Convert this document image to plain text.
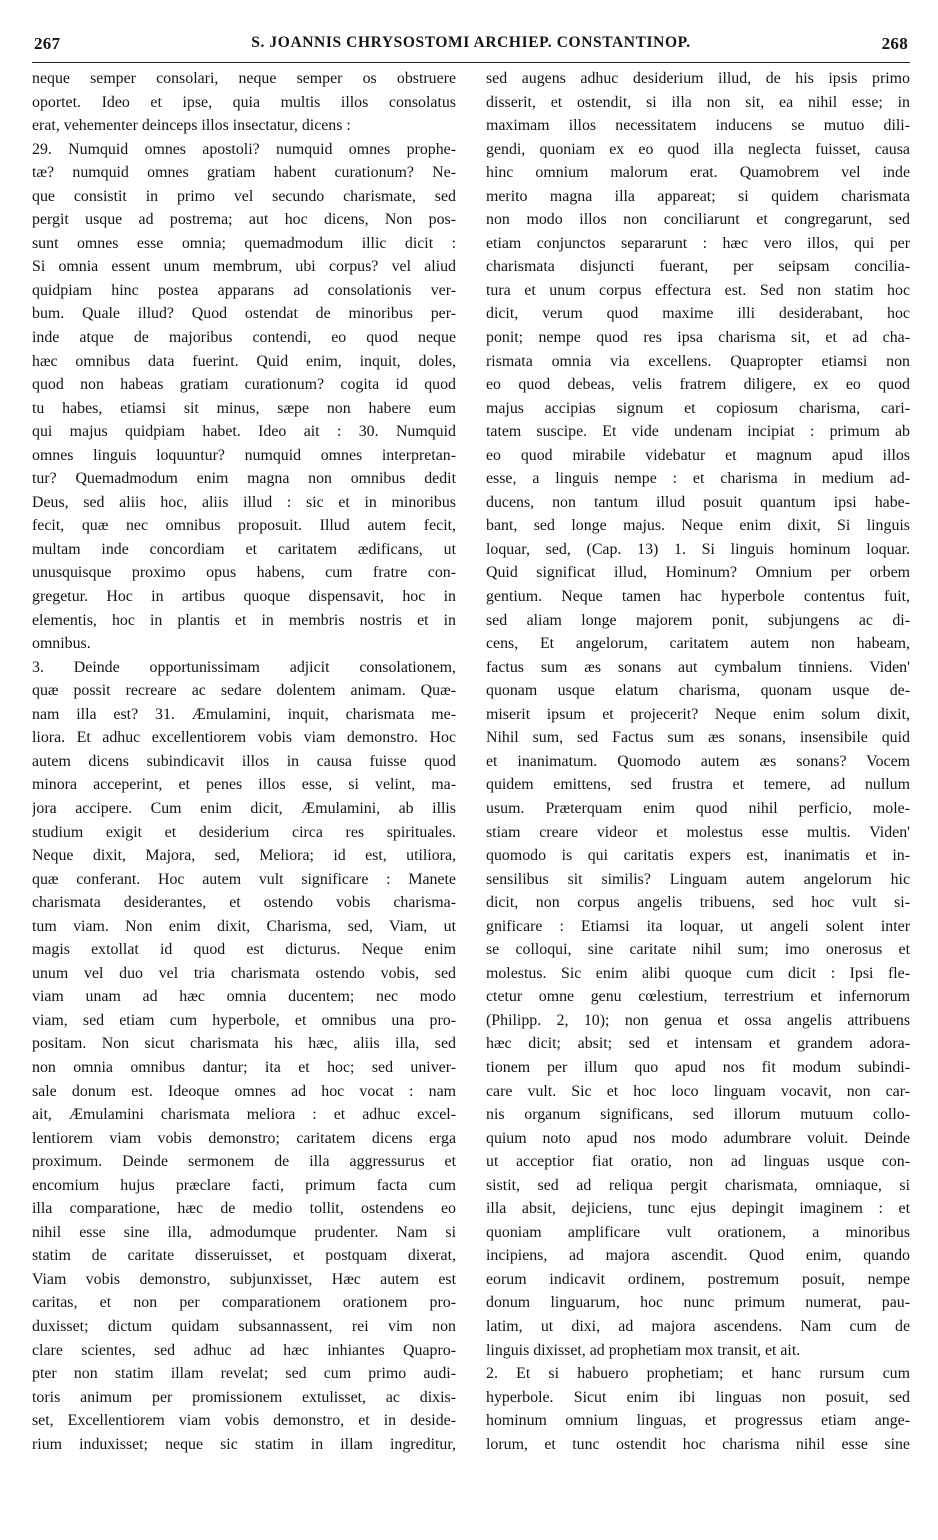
267	S. JOANNIS CHRYSOSTOMI ARCHIEP. CONSTANTINOP.	268
neque semper consolari, neque semper os obstruere
oportet. Ideo et ipse, quia multis illos consolatus
erat, vehementer deinceps illos insectatur, dicens :
29. Numquid omnes apostoli? numquid omnes prophe-
tæ? numquid omnes gratiam habent curationum? Ne-
que consistit in primo vel secundo charismate, sed
pergit usque ad postrema; aut hoc dicens, Non pos-
sunt omnes esse omnia; quemadmodum illic dicit :
Si omnia essent unum membrum, ubi corpus? vel aliud
quidpiam hinc postea apparans ad consolationis ver-
bum. Quale illud? Quod ostendat de minoribus per-
inde atque de majoribus contendi, eo quod neque
hæc omnibus data fuerint. Quid enim, inquit, doles,
quod non habeas gratiam curationum? cogita id quod
tu habes, etiamsi sit minus, sæpe non habere eum
qui majus quidpiam habet. Ideo ait : 30. Numquid
omnes linguis loquuntur? numquid omnes interpretan-
tur? Quemadmodum enim magna non omnibus dedit
Deus, sed aliis hoc, aliis illud : sic et in minoribus
fecit, quæ nec omnibus proposuit. Illud autem fecit,
multam inde concordiam et caritatem ædificans, ut
unusquisque proximo opus habens, cum fratre con-
gregetur. Hoc in artibus quoque dispensavit, hoc in
elementis, hoc in plantis et in membris nostris et in
omnibus.
3. Deinde opportunissimam adjicit consolationem,
quæ possit recreare ac sedare dolentem animam. Quæ-
nam illa est? 31. Æmulamini, inquit, charismata me-
liora. Et adhuc excellentiorem vobis viam demonstro. Hoc
autem dicens subindicavit illos in causa fuisse quod
minora acceperint, et penes illos esse, si velint, ma-
jora accipere. Cum enim dicit, Æmulamini, ab illis
studium exigit et desiderium circa res spirituales.
Neque dixit, Majora, sed, Meliora; id est, utiliora,
quæ conferant. Hoc autem vult significare : Manete
charismata desiderantes, et ostendo vobis charisma-
tum viam. Non enim dixit, Charisma, sed, Viam, ut
magis extollat id quod est dicturus. Neque enim
unum vel duo vel tria charismata ostendo vobis, sed
viam unam ad hæc omnia ducentem; nec modo
viam, sed etiam cum hyperbole, et omnibus una pro-
positam. Non sicut charismata his hæc, aliis illa, sed
non omnia omnibus dantur; ita et hoc; sed univer-
sale donum est. Ideoque omnes ad hoc vocat : nam
ait, Æmulamini charismata meliora : et adhuc excel-
lentiorem viam vobis demonstro; caritatem dicens erga
proximum. Deinde sermonem de illa aggressurus et
encomium hujus præclare facti, primum facta cum
illa comparatione, hæc de medio tollit, ostendens eo
nihil esse sine illa, admodumque prudenter. Nam si
statim de caritate disseruisset, et postquam dixerat,
Viam vobis demonstro, subjunxisset, Hæc autem est
caritas, et non per comparationem orationem pro-
duxisset; dictum quidam subsannassent, rei vim non
clare scientes, sed adhuc ad hæc inhiantes Quapro-
pter non statim illam revelat; sed cum primo audi-
toris animum per promissionem extulisset, ac dixis-
set, Excellentiorem viam vobis demonstro, et in deside-
rium induxisset; neque sic statim in illam ingreditur,
sed augens adhuc desiderium illud, de his ipsis primo
disserit, et ostendit, si illa non sit, ea nihil esse; in
maximam illos necessitatem inducens se mutuo dili-
gendi, quoniam ex eo quod illa neglecta fuisset, causa
hinc omnium malorum erat. Quamobrem vel inde
merito magna illa appareat; si quidem charismata
non modo illos non conciliarunt et congregarunt, sed
etiam conjunctos separarunt : hæc vero illos, qui per
charismata disjuncti fuerant, per seipsam concilia-
tura et unum corpus effectura est. Sed non statim hoc
dicit, verum quod maxime illi desiderabant, hoc
ponit; nempe quod res ipsa charisma sit, et ad cha-
rismata omnia via excellens. Quapropter etiamsi non
eo quod debeas, velis fratrem diligere, ex eo quod
majus accipias signum et copiosum charisma, cari-
tatem suscipe. Et vide undenam incipiat : primum ab
eo quod mirabile videbatur et magnum apud illos
esse, a linguis nempe : et charisma in medium ad-
ducens, non tantum illud posuit quantum ipsi habe-
bant, sed longe majus. Neque enim dixit, Si linguis
loquar, sed, (Cap. 13) 1. Si linguis hominum loquar.
Quid significat illud, Hominum? Omnium per orbem
gentium. Neque tamen hac hyperbole contentus fuit,
sed aliam longe majorem ponit, subjungens ac di-
cens, Et angelorum, caritatem autem non habeam,
factus sum æs sonans aut cymbalum tinniens. Viden'
quonam usque elatum charisma, quonam usque de-
miserit ipsum et projecerit? Neque enim solum dixit,
Nihil sum, sed Factus sum æs sonans, insensibile quid
et inanimatum. Quomodo autem æs sonans? Vocem
quidem emittens, sed frustra et temere, ad nullum
usum. Præterquam enim quod nihil perficio, mole-
stiam creare videor et molestus esse multis. Viden'
quomodo is qui caritatis expers est, inanimatis et in-
sensilibus sit similis? Linguam autem angelorum hic
dicit, non corpus angelis tribuens, sed hoc vult si-
gnificare : Etiamsi ita loquar, ut angeli solent inter
se colloqui, sine caritate nihil sum; imo onerosus et
molestus. Sic enim alibi quoque cum dicit : Ipsi fle-
ctetur omne genu cœlestium, terrestrium et infernorum
(Philipp. 2, 10); non genua et ossa angelis attribuens
hæc dicit; absit; sed et intensam et grandem adora-
tionem per illum quo apud nos fit modum subindi-
care vult. Sic et hoc loco linguam vocavit, non car-
nis organum significans, sed illorum mutuum collo-
quium noto apud nos modo adumbrare voluit. Deinde
ut acceptior fiat oratio, non ad linguas usque con-
sistit, sed ad reliqua pergit charismata, omniaque, si
illa absit, dejiciens, tunc ejus depingit imaginem : et
quoniam amplificare vult orationem, a minoribus
incipiens, ad majora ascendit. Quod enim, quando
eorum indicavit ordinem, postremum posuit, nempe
donum linguarum, hoc nunc primum numerat, pau-
latim, ut dixi, ad majora ascendens. Nam cum de
linguis dixisset, ad prophetiam mox transit, et ait.
2. Et si habuero prophetiam; et hanc rursum cum
hyperbole. Sicut enim ibi linguas non posuit, sed
hominum omnium linguas, et progressus etiam ange-
lorum, et tunc ostendit hoc charisma nihil esse sine
